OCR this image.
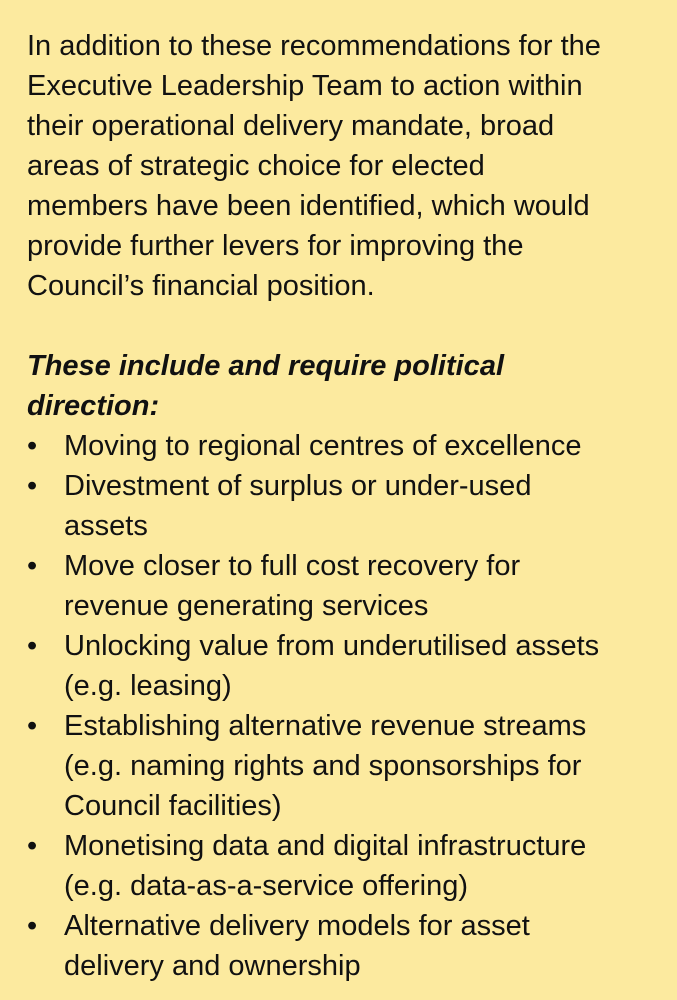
In addition to these recommendations for the
Executive Leadership Team to action within
their operational delivery mandate, broad
areas of strategic choice for elected
members have been identified, which would
provide further levers for improving the
Council’s financial position.
These include and require political
direction:
• Moving to regional centres of excellence
• Divestment of surplus or under-used
assets
• Move closer to full cost recovery for
revenue generating services
• Unlocking value from underutilised assets
(e.g. leasing)
• Establishing alternative revenue streams
(e.g. naming rights and sponsorships for
Council facilities)
• Monetising data and digital infrastructure
(e.g. data-as-a-service offering)
• Alternative delivery models for asset
delivery and ownership
